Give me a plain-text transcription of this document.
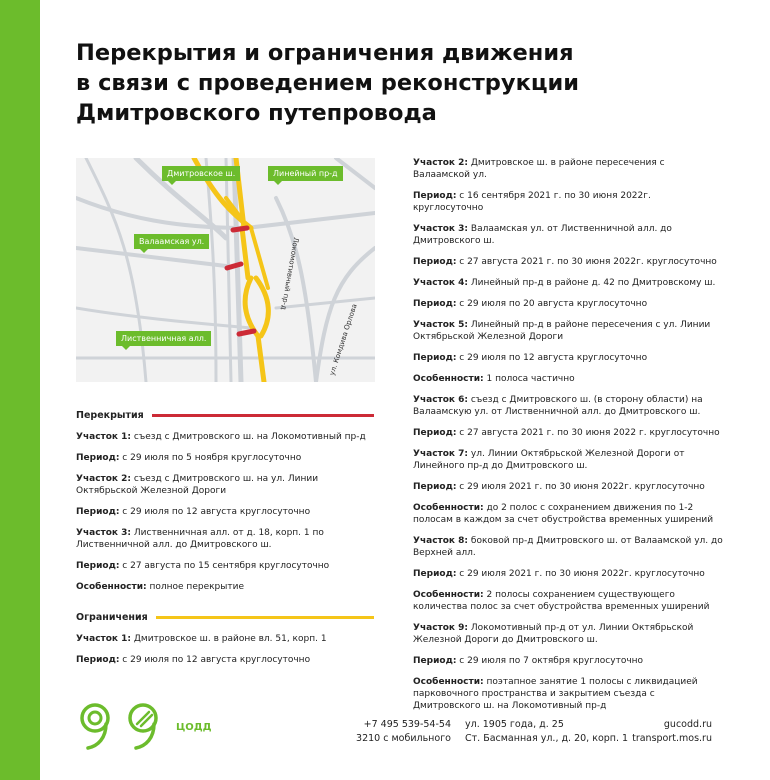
Перекрытия и ограничения движения
в связи с проведением реконструкции
Дмитровского путепровода
Дмитровское ш.	Линейный пр-д
Валаамская ул.
Лиственничная алл.
Локомотивный пр-д
ул. Комдива Орлова
Перекрытия

Участок 1: съезд с Дмитровского ш. на Локомотивный пр-д

Период: с 29 июля по 5 ноября круглосуточно

Участок 2: съезд с Дмитровского ш. на ул. Линии Октябрьской Железной Дороги

Период: с 29 июля по 12 августа круглосуточно

Участок 3: Лиственничная алл. от д. 18, корп. 1 по Лиственничной алл. до Дмитровского ш.

Период: с 27 августа по 15 сентября круглосуточно

Особенности: полное перекрытие

Ограничения

Участок 1: Дмитровское ш. в районе вл. 51, корп. 1

Период: с 29 июля по 12 августа круглосуточно

Участок 2: Дмитровское ш. в районе пересечения с Валаамской ул.

Период: с 16 сентября 2021 г. по 30 июня 2022г. круглосуточно

Участок 3: Валаамская ул. от Лиственничной алл. до Дмитровского ш.

Период: с 27 августа 2021 г. по 30 июня 2022г. круглосуточно

Участок 4: Линейный пр-д в районе д. 42 по Дмитровскому ш.

Период: с 29 июля по 20 августа круглосуточно

Участок 5: Линейный пр-д в районе пересечения с ул. Линии Октябрьской Железной Дороги

Период: с 29 июля по 12 августа круглосуточно

Особенности: 1 полоса частично

Участок 6: съезд с Дмитровского ш. (в сторону области) на Валаамскую ул. от Лиственничной алл. до Дмитровского ш.

Период: с 27 августа 2021 г. по 30 июня 2022 г. круглосуточно

Участок 7: ул. Линии Октябрьской Железной Дороги от Линейного пр-д до Дмитровского ш.

Период: с 29 июля 2021 г. по 30 июня 2022г. круглосуточно

Особенности: до 2 полос с сохранением движения по 1-2 полосам в каждом за счет обустройства временных уширений

Участок 8: боковой пр-д Дмитровского ш. от Валаамской ул. до Верхней алл.

Период: с 29 июля 2021 г. по 30 июня 2022г. круглосуточно

Особенности: 2 полосы сохранением существующего количества полос за счет обустройства временных уширений

Участок 9: Локомотивный пр-д от ул. Линии Октябрьской Железной Дороги до Дмитровского ш.

Период: с 29 июля по 7 октября круглосуточно

Особенности: поэтапное занятие 1 полосы с ликвидацией парковочного пространства и закрытием съезда с Дмитровского ш. на Локомотивный пр-д

ЦОДД	+7 495 539-54-54
3210 с мобильного
ул. 1905 года, д. 25
Ст. Басманная ул., д. 20, корп. 1
gucodd.ru
transport.mos.ru
